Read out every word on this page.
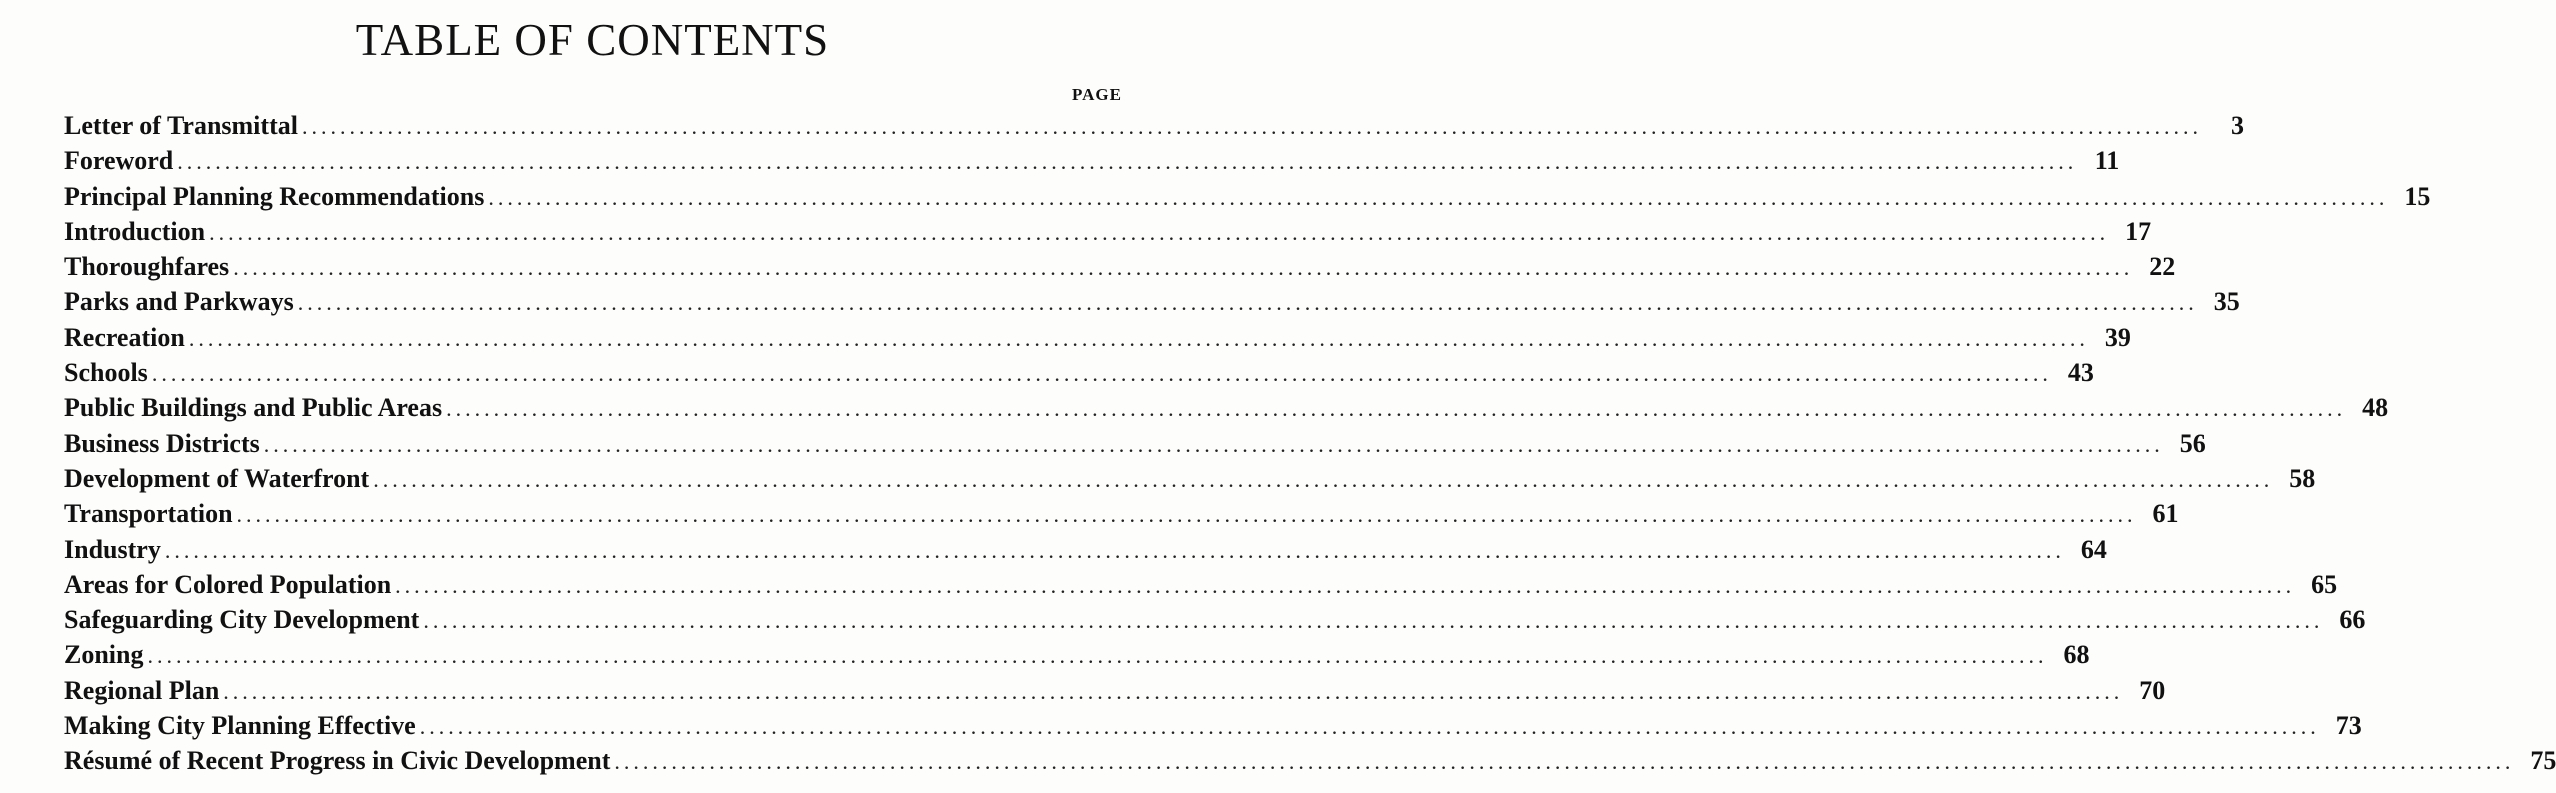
TABLE OF CONTENTS
PAGE
Letter of Transmittal ........................................................................................................................................................................................................	3
Foreword ........................................................................................................................................................................................................ 11
Principal Planning Recommendations ........................................................................................................................................................................................................ 15
Introduction ........................................................................................................................................................................................................ 17
Thoroughfares ........................................................................................................................................................................................................ 22
Parks and Parkways ........................................................................................................................................................................................................ 35
Recreation ........................................................................................................................................................................................................ 39
Schools ........................................................................................................................................................................................................ 43
Public Buildings and Public Areas ........................................................................................................................................................................................................ 48
Business Districts ........................................................................................................................................................................................................ 56
Development of Waterfront ........................................................................................................................................................................................................ 58
Transportation ........................................................................................................................................................................................................ 61
Industry ........................................................................................................................................................................................................ 64
Areas for Colored Population ........................................................................................................................................................................................................ 65
Safeguarding City Development ........................................................................................................................................................................................................ 66
Zoning ........................................................................................................................................................................................................ 68
Regional Plan ........................................................................................................................................................................................................ 70
Making City Planning Effective ........................................................................................................................................................................................................ 73
Résumé of Recent Progress in Civic Development ........................................................................................................................................................................................................ 75
